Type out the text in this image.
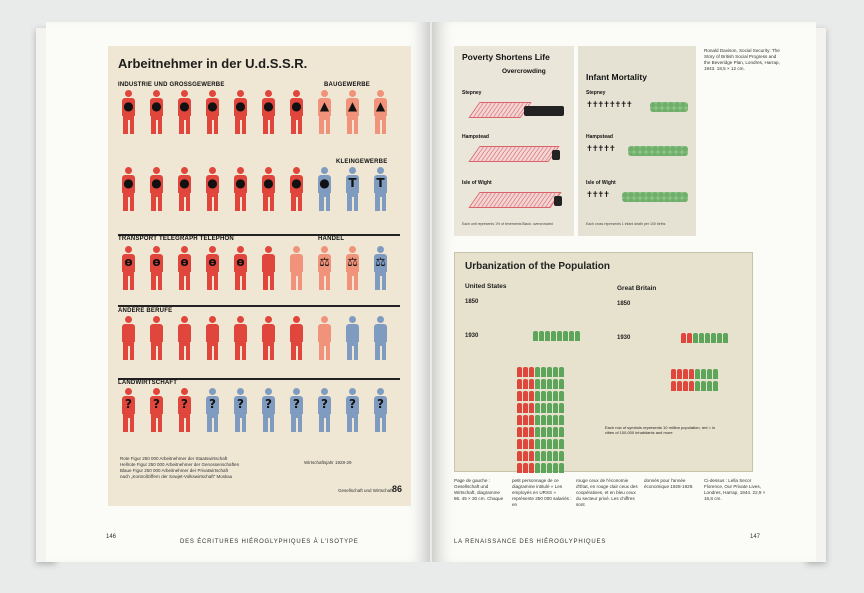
Arbeitnehmer in der U.d.S.S.R.
INDUSTRIE UND GROSSGEWERBE	BAUGEWERBE
KLEINGEWERBE
TRANSPORT TELEGRAPH TELEPHON	HANDEL
ANDERE BERUFE
LANDWIRTSCHAFT
Rote Figur 250 000 Arbeitnehmer der Staatswirtschaft
Hellrote Figur 250 000 Arbeitnehmer der Genossenschaften
Blaue Figur 250 000 Arbeitnehmer der Privatwirtschaft
nach „Kontrollziffern der Sowjet-Volkswirtschaft“ Moskau
Wirtschaftsjahr 1928-29
Gesellschaft und Wirtschaft 86
● ● ● ● ● ● ● ▲ ▲ ▲
● ● ● ● ● ● ● ● T T
ɵ ɵ ɵ ɵ ɵ	⚖ ⚖ ⚖
?	?	?	?	?	?	?	?	?	?
146
DES ÉCRITURES HIÉROGLYPHIQUES À L'ISOTYPE
Poverty Shortens Life
Overcrowding
Stepney
Hampstead
Isle of Wight
Each unit represents 1% of tenements Black: overcrowded
Infant Mortality
Stepney
✝✝✝✝✝✝✝✝
Hampstead
✝✝✝✝✝
Isle of Wight
✝✝✝✝
Each cross represents 1 infant death per 100 births
Ronald Davison, Social Security: The Story of British Social Progress and the Beveridge Plan, Londres, Harrap, 1943. 18,5 × 12 cm.
Urbanization of the Population
United States	Great Britain
1850
1930
1850
1930
Each row of symbols represents 10 million population; red = in cities of 100,000 inhabitants and more
Page de gauche : Gesellschaft und Wirtschaft, diagramme 86. 45 × 30 cm. Chaque
petit personnage de ce diagramme intitulé « Les employés en URSS » représente 250 000 salariés : en
rouge ceux de l'économie d'État, en rouge clair ceux des coopératives, et en bleu ceux du secteur privé. Les chiffres sont
donnés pour l'année économique 1928-1929.
Ci-dessus : Lella Secor Florence, Our Private Lives, Londres, Harrap, 1944. 22,9 × 16,8 cm.
LA RENAISSANCE DES HIÉROGLYPHIQUES
147
